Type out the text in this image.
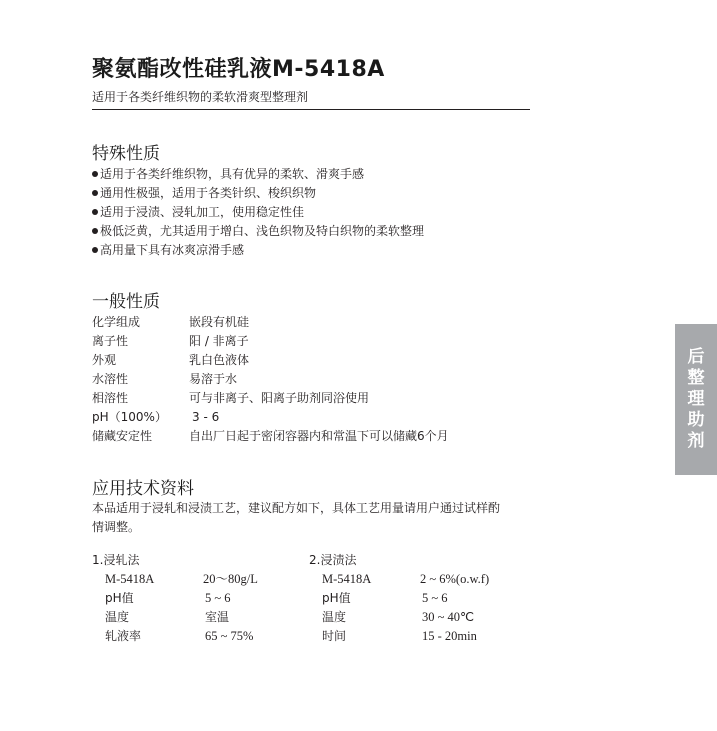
聚氨酯改性硅乳液M-5418A
适用于各类纤维织物的柔软滑爽型整理剂
特殊性质
适用于各类纤维织物，具有优异的柔软、滑爽手感
通用性极强，适用于各类针织、梭织织物
适用于浸渍、浸轧加工，使用稳定性佳
极低泛黄，尤其适用于增白、浅色织物及特白织物的柔软整理
高用量下具有冰爽凉滑手感
一般性质
化学组成	嵌段有机硅
离子性	阳 / 非离子
外观	乳白色液体
水溶性	易溶于水
相溶性	可与非离子、阳离子助剂同浴使用
pH（100%） 3 - 6
储藏安定性	自出厂日起于密闭容器内和常温下可以储藏6个月
应用技术资料
本品适用于浸轧和浸渍工艺，建议配方如下，具体工艺用量请用户通过试样酌
情调整。
1.浸轧法
M-5418A	20～80g/L
pH值	5 ~ 6
温度	室温
轧液率	65 ~ 75%
2.浸渍法
M-5418A	2 ~ 6%(o.w.f)
pH值	5 ~ 6
温度	30 ~ 40℃
时间	15 - 20min
后
整
理
助
剂
